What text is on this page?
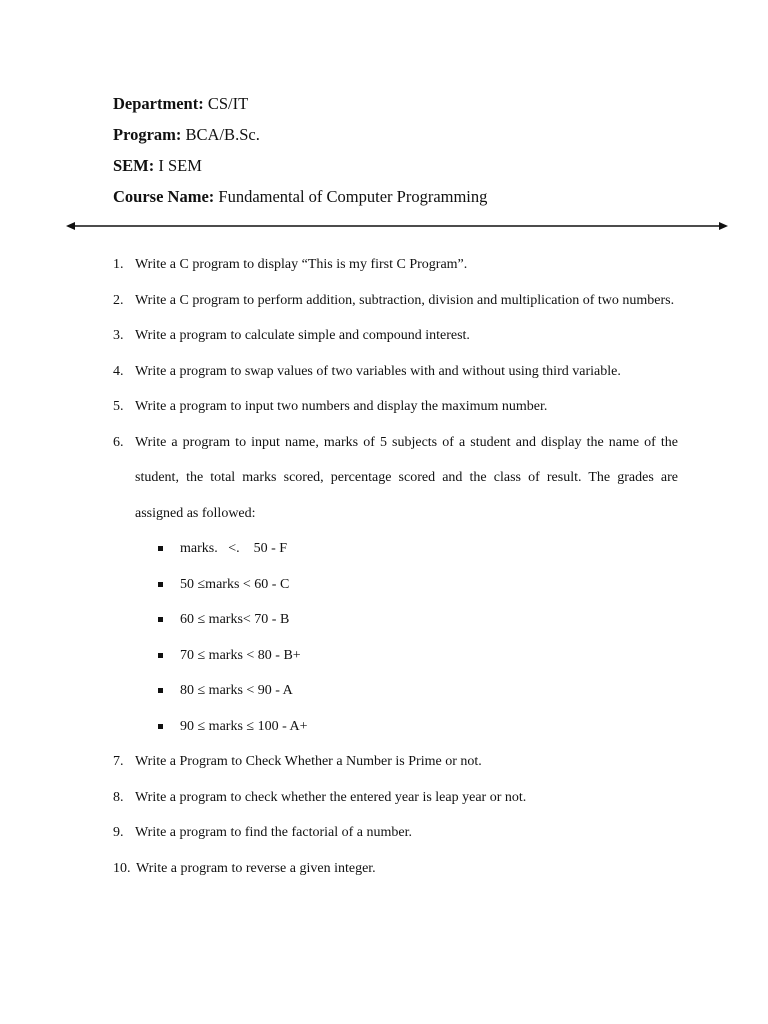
Department: CS/IT
Program: BCA/B.Sc.
SEM: I SEM
Course Name: Fundamental of Computer Programming
1. Write a C program to display “This is my first C Program”.
2. Write a C program to perform addition, subtraction, division and multiplication of two numbers.
3. Write a program to calculate simple and compound interest.
4. Write a program to swap values of two variables with and without using third variable.
5. Write a program to input two numbers and display the maximum number.
6. Write a program to input name, marks of 5 subjects of a student and display the name of the student, the total marks scored, percentage scored and the class of result. The grades are assigned as followed:
marks.   <.    50 - F
50 ≤marks < 60 - C
60 ≤ marks< 70 - B
70 ≤ marks < 80 - B+
80 ≤ marks < 90 - A
90 ≤ marks ≤ 100 - A+
7. Write a Program to Check Whether a Number is Prime or not.
8. Write a program to check whether the entered year is leap year or not.
9. Write a program to find the factorial of a number.
10. Write a program to reverse a given integer.
